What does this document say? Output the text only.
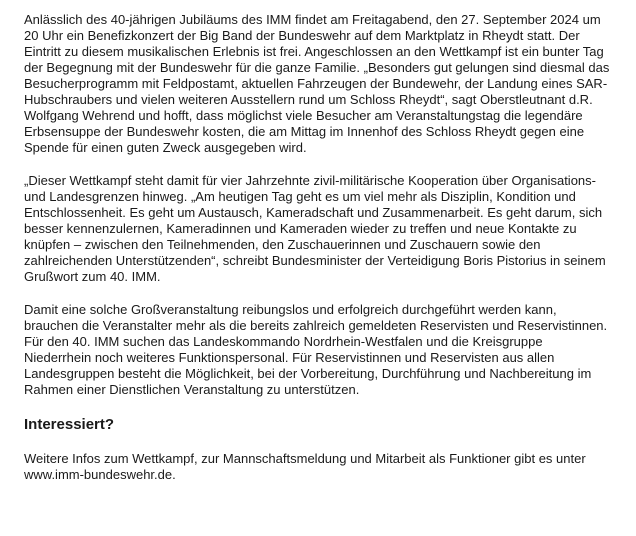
Anlässlich des 40-jährigen Jubiläums des IMM findet am Freitagabend, den 27. September 2024 um 20 Uhr ein Benefizkonzert der Big Band der Bundeswehr auf dem Marktplatz in Rheydt statt. Der Eintritt zu diesem musikalischen Erlebnis ist frei. Angeschlossen an den Wettkampf ist ein bunter Tag der Begegnung mit der Bundeswehr für die ganze Familie. „Besonders gut gelungen sind diesmal das Besucherprogramm mit Feldpostamt, aktuellen Fahrzeugen der Bundewehr, der Landung eines SAR-Hubschraubers und vielen weiteren Ausstellern rund um Schloss Rheydt“, sagt Oberstleutnant d.R. Wolfgang Wehrend und hofft, dass möglichst viele Besucher am Veranstaltungstag die legendäre Erbsensuppe der Bundeswehr kosten, die am Mittag im Innenhof des Schloss Rheydt gegen eine Spende für einen guten Zweck ausgegeben wird.

„Dieser Wettkampf steht damit für vier Jahrzehnte zivil-militärische Kooperation über Organisations- und Landesgrenzen hinweg. „Am heutigen Tag geht es um viel mehr als Disziplin, Kondition und Entschlossenheit. Es geht um Austausch, Kameradschaft und Zusammenarbeit. Es geht darum, sich besser kennenzulernen, Kameradinnen und Kameraden wieder zu treffen und neue Kontakte zu knüpfen – zwischen den Teilnehmenden, den Zuschauerinnen und Zuschauern sowie den zahlreichenden Unterstützenden“, schreibt Bundesminister der Verteidigung Boris Pistorius in seinem Grußwort zum 40. IMM.

Damit eine solche Großveranstaltung reibungslos und erfolgreich durchgeführt werden kann, brauchen die Veranstalter mehr als die bereits zahlreich gemeldeten Reservisten und Reservistinnen. Für den 40. IMM suchen das Landeskommando Nordrhein-Westfalen und die Kreisgruppe Niederrhein noch weiteres Funktionspersonal. Für Reservistinnen und Reservisten aus allen Landesgruppen besteht die Möglichkeit, bei der Vorbereitung, Durchführung und Nachbereitung im Rahmen einer Dienstlichen Veranstaltung zu unterstützen.

Interessiert?

Weitere Infos zum Wettkampf, zur Mannschaftsmeldung und Mitarbeit als Funktioner gibt es unter www.imm-bundeswehr.de.
